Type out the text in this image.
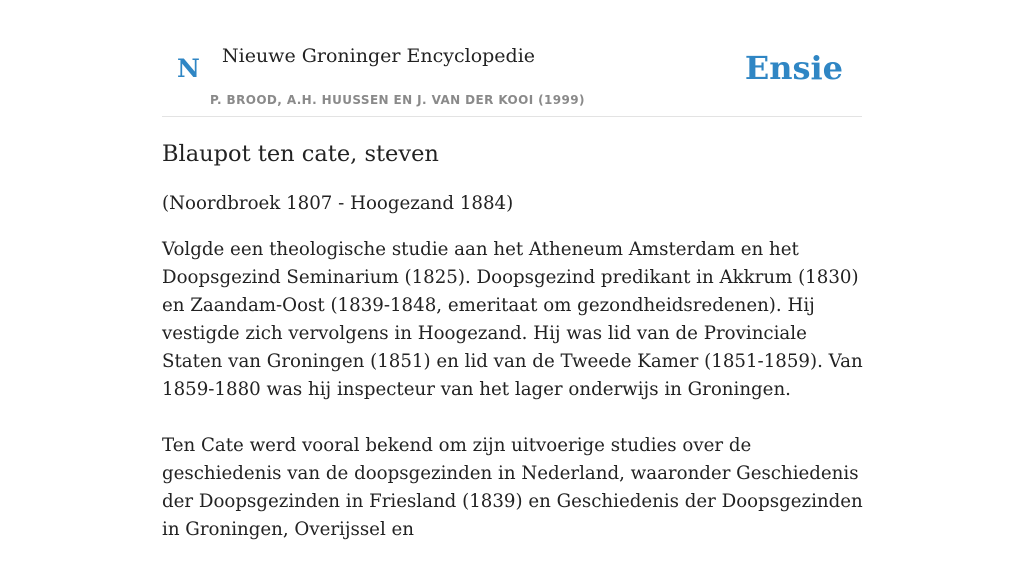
N Nieuwe Groninger Encyclopedie
P. BROOD, A.H. HUUSSEN EN J. VAN DER KOOI (1999)
Ensie
Blaupot ten cate, steven
(Noordbroek 1807 - Hoogezand 1884)

Volgde een theologische studie aan het Atheneum Amsterdam en het Doopsgezind Seminarium (1825). Doopsgezind predikant in Akkrum (1830) en Zaandam-Oost (1839-1848, emeritaat om gezondheidsredenen). Hij vestigde zich vervolgens in Hoogezand. Hij was lid van de Provinciale Staten van Groningen (1851) en lid van de Tweede Kamer (1851-1859). Van 1859-1880 was hij inspecteur van het lager onderwijs in Groningen.

Ten Cate werd vooral bekend om zijn uitvoerige studies over de geschiedenis van de doopsgezinden in Nederland, waaronder Geschiedenis der Doopsgezinden in Friesland (1839) en Geschiedenis der Doopsgezinden in Groningen, Overijssel en
